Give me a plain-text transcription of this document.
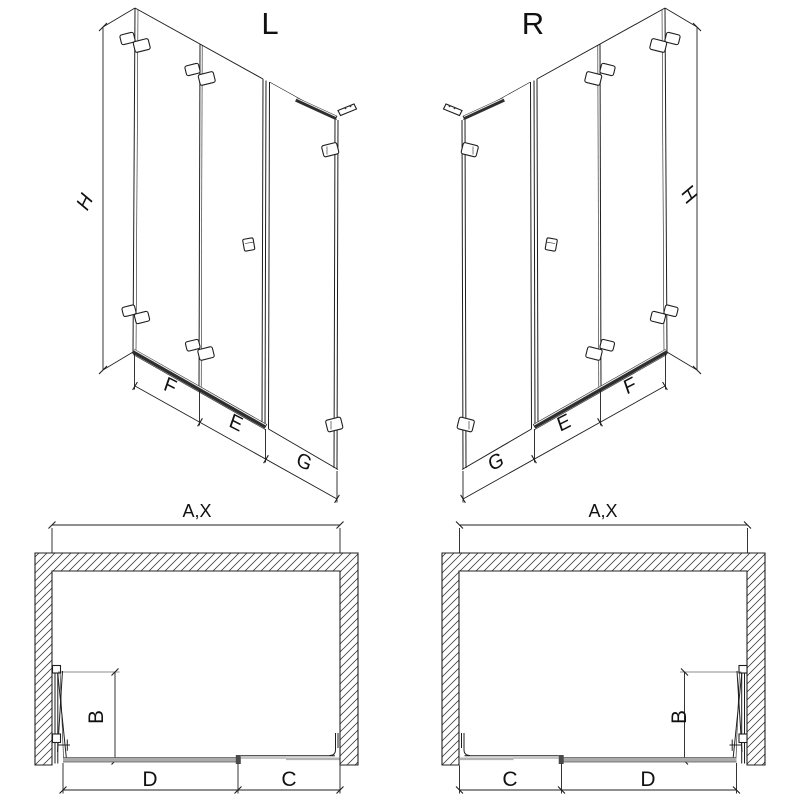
L
H
F
E
G
R
H
F
E
G
A,X
B
D	C
A,X
B
C	D
